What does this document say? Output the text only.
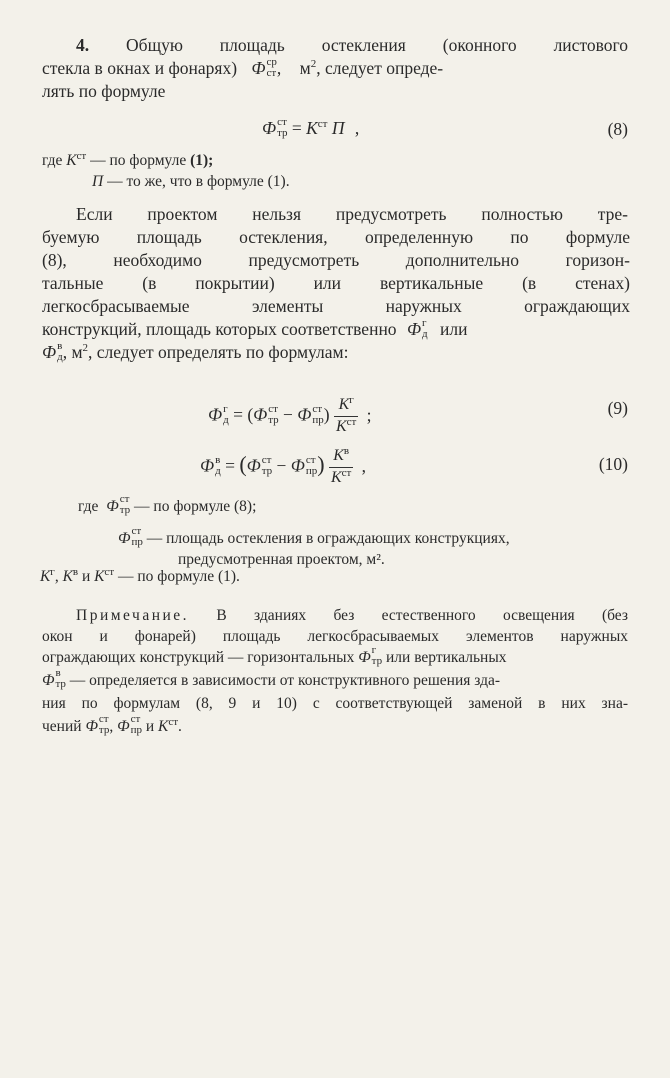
4. Общую площадь остекления (оконного листового
стекла в окнах и фонарях) Ф ср
ст , $м^2$, следует опреде-
лять по формуле
Ф ст
тр = $К^{ст}$ П ,	(8)
где $К^{ст}$ — по формуле (1);
П — то же, что в формуле (1).
Если проектом нельзя предусмотреть полностью тре-
буемую площадь остекления, определенную по формуле
(8), необходимо предусмотреть дополнительно горизон-
тальные (в покрытии) или вертикальные (в стенах)
легкосбрасываемые элементы наружных ограждающих
конструкций, площадь которых соответственно Ф г
д или
Ф в
д , $м^2$, следует определять по формулам:
Ф г
д = (Ф ст
тр − Ф ст
пр ) $\frac{К^г}{К^{ст}}$ ;	(9)
Ф в
д = (Ф ст
тр − Ф ст
пр ) $\frac{К^в}{К^{ст}}$ ,	(10)
где Ф ст
тр — по формуле (8);
Ф ст
пр — площадь остекления в ограждающих конструкциях,
предусмотренная проектом, м².
$К^г$, $К^в$ и $К^{ст}$ — по формуле (1).
Примечание. В зданиях без естественного освещения (без
окон и фонарей) площадь легкосбрасываемых элементов наружных
ограждающих конструкций — горизонтальных Ф г
тр или вертикальных
Ф в
тр — определяется в зависимости от конструктивного решения зда-
ния по формулам (8, 9 и 10) с соответствующей заменой в них зна-
чений Ф ст
тр , Ф ст
пр и $К^{ст}$.
